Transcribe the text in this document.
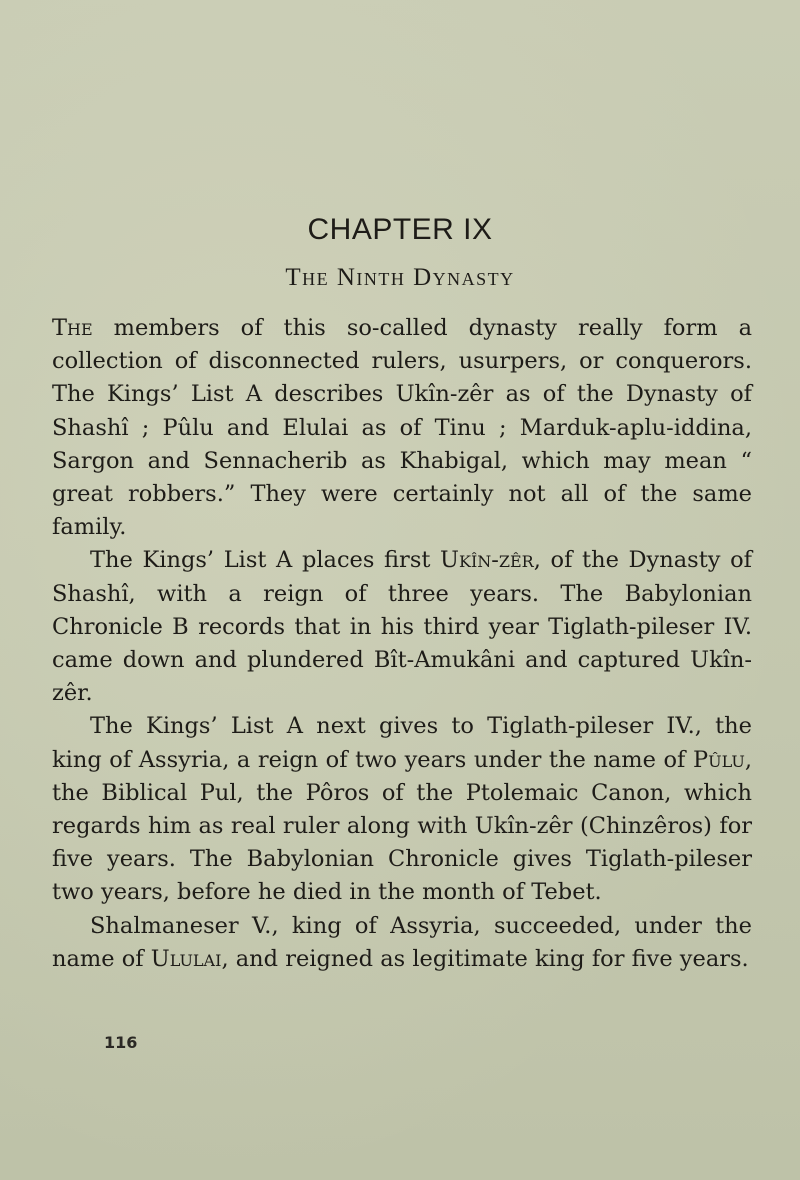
CHAPTER IX
The Ninth Dynasty

The members of this so-called dynasty really form a collection of disconnected rulers, usurpers, or conquerors. The Kings’ List A describes Ukîn-zêr as of the Dynasty of Shashî ; Pûlu and Elulai as of Tinu ; Marduk-aplu-iddina, Sargon and Sennacherib as Khabigal, which may mean “ great robbers.” They were certainly not all of the same family.

The Kings’ List A places first Ukîn-zêr, of the Dynasty of Shashî, with a reign of three years. The Babylonian Chronicle B records that in his third year Tiglath-pileser IV. came down and plundered Bît-Amukâni and captured Ukîn-zêr.

The Kings’ List A next gives to Tiglath-pileser IV., the king of Assyria, a reign of two years under the name of Pûlu, the Biblical Pul, the Pôros of the Ptolemaic Canon, which regards him as real ruler along with Ukîn-zêr (Chinzêros) for five years. The Babylonian Chronicle gives Tiglath-pileser two years, before he died in the month of Tebet.

Shalmaneser V., king of Assyria, succeeded, under the name of Ululai, and reigned as legitimate king for five years.

116
